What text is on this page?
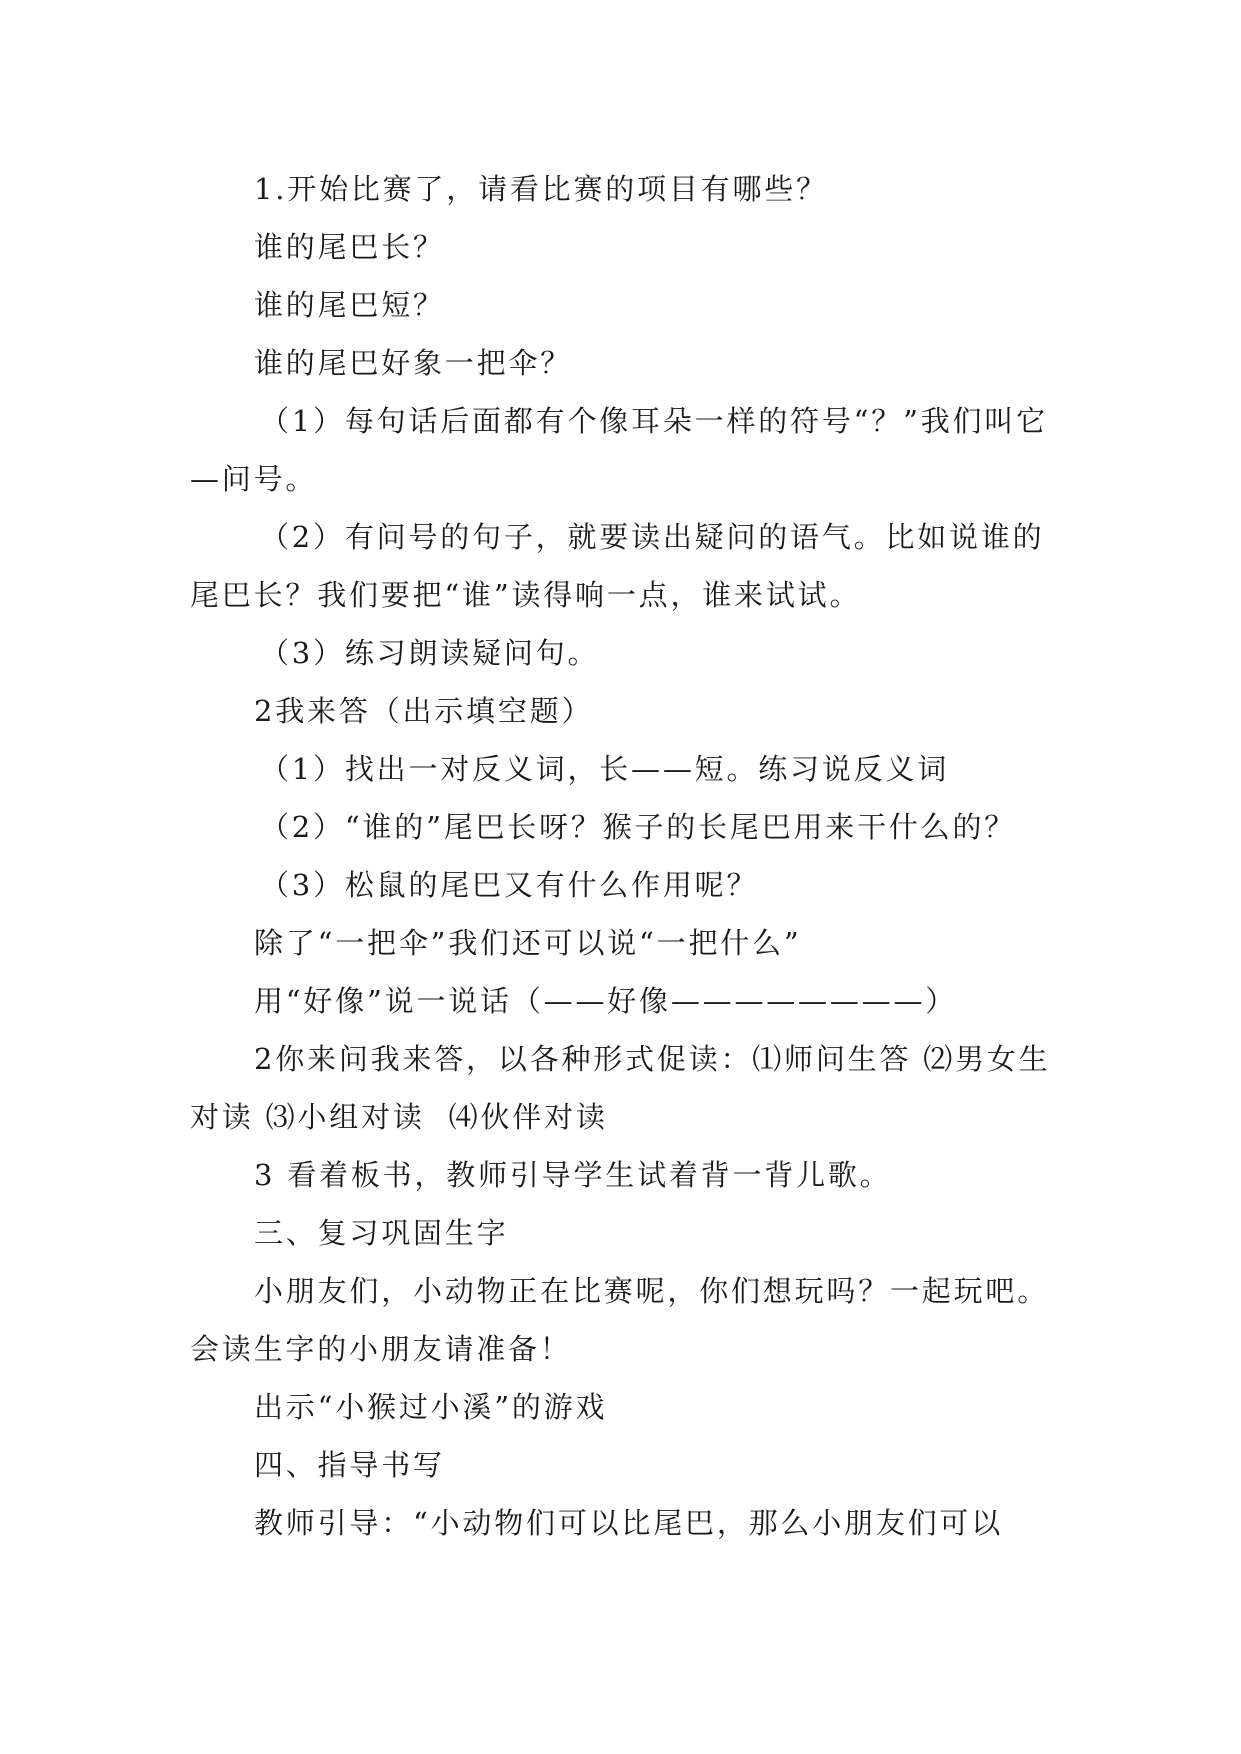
1.开始比赛了，请看比赛的项目有哪些？

谁的尾巴长？

谁的尾巴短？

谁的尾巴好象一把伞？

（1）每句话后面都有个像耳朵一样的符号“？”我们叫它—问号。

（2）有问号的句子，就要读出疑问的语气。比如说谁的尾巴长？我们要把“谁”读得响一点，谁来试试。

（3）练习朗读疑问句。

2我来答（出示填空题）

（1）找出一对反义词，长——短。练习说反义词

（2）“谁的”尾巴长呀？猴子的长尾巴用来干什么的？

（3）松鼠的尾巴又有什么作用呢？

除了“一把伞”我们还可以说“一把什么”

用“好像”说一说话（——好像————————）

2你来问我来答，以各种形式促读：⑴师问生答 ⑵男女生对读 ⑶小组对读  ⑷伙伴对读

3 看着板书，教师引导学生试着背一背儿歌。

三、复习巩固生字

小朋友们，小动物正在比赛呢，你们想玩吗？一起玩吧。会读生字的小朋友请准备！

出示“小猴过小溪”的游戏

四、指导书写

教师引导：“小动物们可以比尾巴，那么小朋友们可以
